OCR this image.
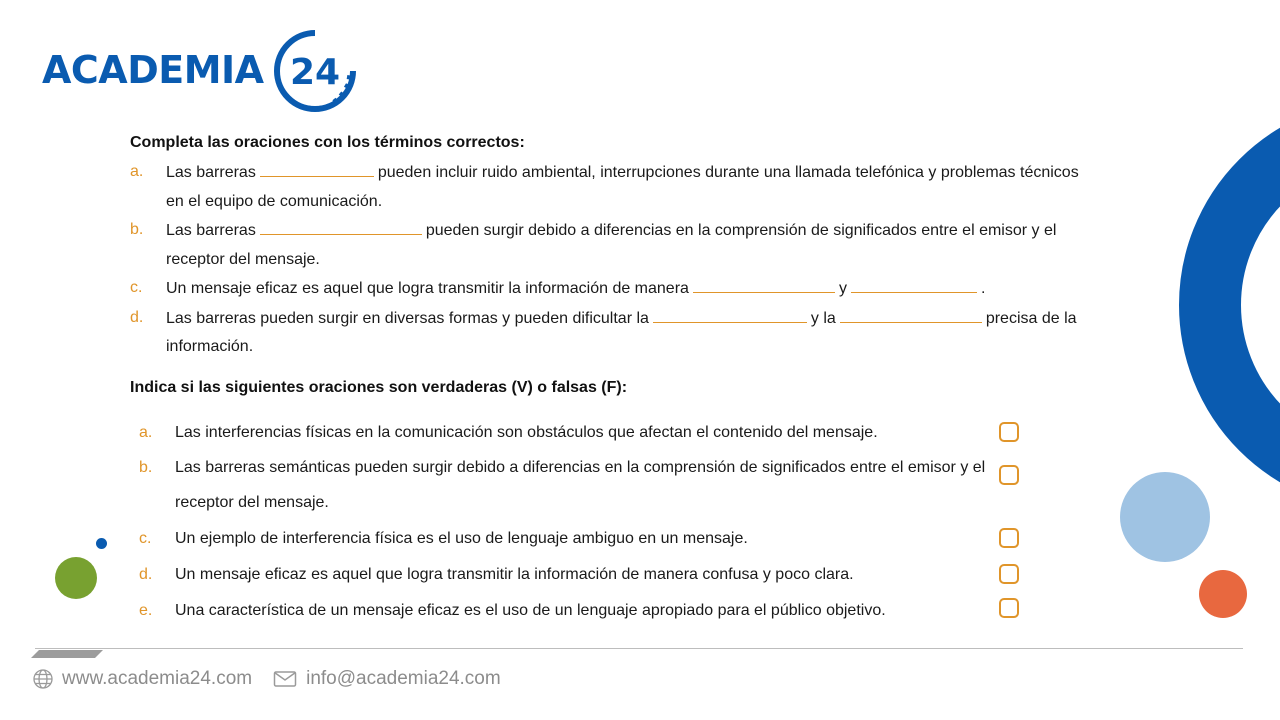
ACADEMIA 24
Completa las oraciones con los términos correctos:
a.	Las barreras	pueden incluir ruido ambiental, interrupciones durante una llamada telefónica y problemas técnicos en el equipo de comunicación.
b.	Las barreras	pueden surgir debido a diferencias en la comprensión de significados entre el emisor y el receptor del mensaje.
c.	Un mensaje eficaz es aquel que logra transmitir la información de manera	y	.
d.	Las barreras pueden surgir en diversas formas y pueden dificultar la	y la	precisa de la información.
Indica si las siguientes oraciones son verdaderas (V) o falsas (F):
a.	Las interferencias físicas en la comunicación son obstáculos que afectan el contenido del mensaje.
b.	Las barreras semánticas pueden surgir debido a diferencias en la comprensión de significados entre el emisor y el receptor del mensaje.
c.	Un ejemplo de interferencia física es el uso de lenguaje ambiguo en un mensaje.
d.	Un mensaje eficaz es aquel que logra transmitir la información de manera confusa y poco clara.
e.	Una característica de un mensaje eficaz es el uso de un lenguaje apropiado para el público objetivo.
www.academia24.com	info@academia24.com
